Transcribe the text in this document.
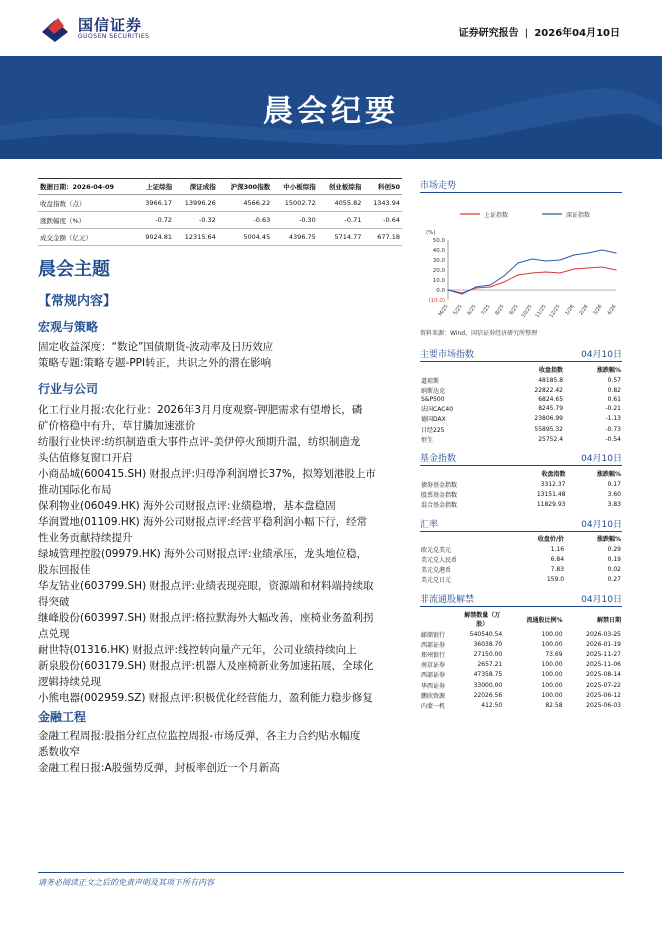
国信证券
GUOSEN SECURITIES	证券研究报告 | 2026年04月10日
晨会纪要
数据日期：2026-04-09	上证综指	深证成指	沪深300指数	中小板综指	创业板综指	科创50
收盘指数（点）	3966.17	13996.26	4566.22	15002.72	4055.82	1343.94
涨跌幅度（%）	-0.72	-0.32	-0.63	-0.30	-0.71	-0.64
成交金额（亿元）	9024.81	12315.64	5004.45	4396.75	5714.77	677.18
晨会主题
【常规内容】
宏观与策略
固定收益深度：“数论”国债期货-波动率及日历效应
策略专题:策略专题-PPI转正，共识之外的潜在影响
行业与公司
化工行业月报:农化行业：2026年3月月度观察-钾肥需求有望增长，磷
矿价格稳中有升，草甘膦加速涨价
纺服行业快评:纺织制造重大事件点评-美伊停火预期升温，纺织制造龙
头估值修复窗口开启
小商品城(600415.SH) 财报点评:归母净利润增长37%，拟筹划港股上市
推动国际化布局
保利物业(06049.HK) 海外公司财报点评:业绩稳增，基本盘稳固
华润置地(01109.HK) 海外公司财报点评:经营平稳利润小幅下行，经常
性业务贡献持续提升
绿城管理控股(09979.HK) 海外公司财报点评:业绩承压，龙头地位稳，
股东回报佳
华友钴业(603799.SH) 财报点评:业绩表现亮眼，资源端和材料端持续取
得突破
继峰股份(603997.SH) 财报点评:格拉默海外大幅改善，座椅业务盈利拐
点兑现
耐世特(01316.HK) 财报点评:线控转向量产元年，公司业绩持续向上
新泉股份(603179.SH) 财报点评:机器人及座椅新业务加速拓展，全球化
逻辑持续兑现
小熊电器(002959.SZ) 财报点评:积极优化经营能力，盈利能力稳步修复
金融工程
金融工程周报:股指分红点位监控周报-市场反弹，各主力合约贴水幅度
悉数收窄
金融工程日报:A股强势反弹，封板率创近一个月新高
市场走势
上证指数	深证指数
(%)
50.0
40.0
30.0
20.0
10.0
0.0
(10.0)
M/25 5/25 6/25 7/25 8/25 9/25 10/25 11/25 12/25 1/26 2/26 3/26 4/26
资料来源：Wind、国信证券经济研究所整理
主要市场指数	04月10日
	收盘指数	涨跌幅%
道琼斯	48185.8	0.57
纳斯达克	22822.42	0.82
S&P500	6824.65	0.61
法国CAC40	8245.79	-0.21
德国DAX	23806.99	-1.13
日经225	55895.32	-0.73
恒生	25752.4	-0.54
基金指数	04月10日
	收盘指数	涨跌幅%
债券基金指数	3312.37	0.17
股票基金指数	13151.48	3.60
混合基金指数	11829.93	3.83
汇率	04月10日
	收盘价/价	涨跌幅%
欧元兑美元	1.16	0.29
美元兑人民币	6.84	0.19
美元兑港币	7.83	0.02
美元兑日元	159.0	0.27
非流通股解禁	04月10日
	解禁数量（万股）	流通股比例%	解禁日期
邮储银行	540540.54	100.00	2026-03-25
西部证券	36038.70	100.00	2026-01-19
郑州银行	27150.00	73.69	2025-11-27
南京证券	2657.21	100.00	2025-11-06
西部证券	47358.75	100.00	2025-08-14
华西证券	33000.00	100.00	2025-07-22
鹏欣资源	22026.56	100.00	2025-06-12
内蒙一机	412.50	82.58	2025-06-03
请务必阅读正文之后的免责声明及其项下所有内容
